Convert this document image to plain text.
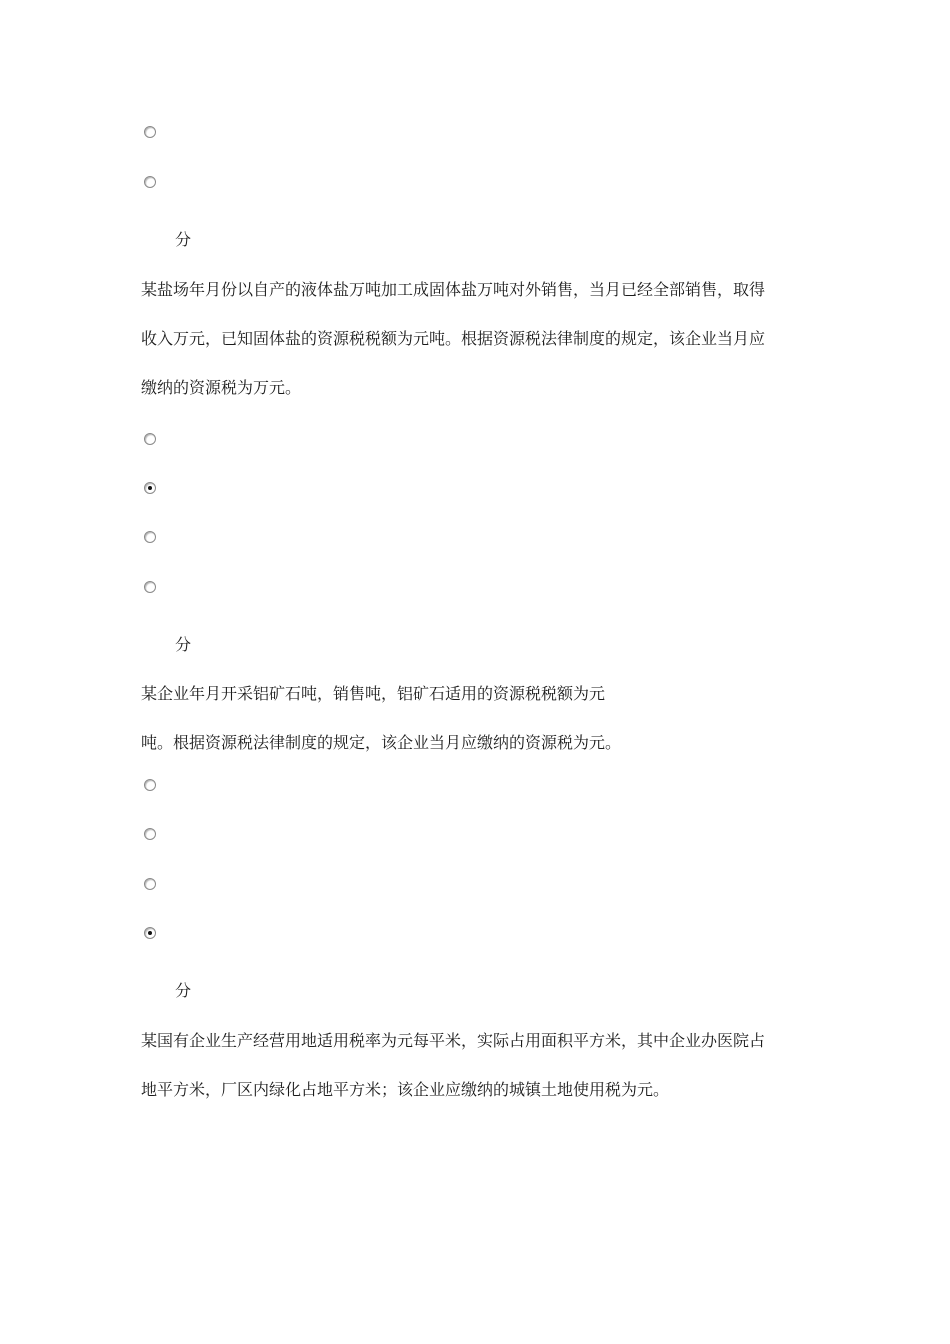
分
某盐场年月份以自产的液体盐万吨加工成固体盐万吨对外销售，当月已经全部销售，取得
收入万元，已知固体盐的资源税税额为元吨。根据资源税法律制度的规定，该企业当月应
缴纳的资源税为万元。
分
某企业年月开采铝矿石吨，销售吨，铝矿石适用的资源税税额为元
吨。根据资源税法律制度的规定，该企业当月应缴纳的资源税为元。
分
某国有企业生产经营用地适用税率为元每平米，实际占用面积平方米，其中企业办医院占
地平方米，厂区内绿化占地平方米；该企业应缴纳的城镇土地使用税为元。
